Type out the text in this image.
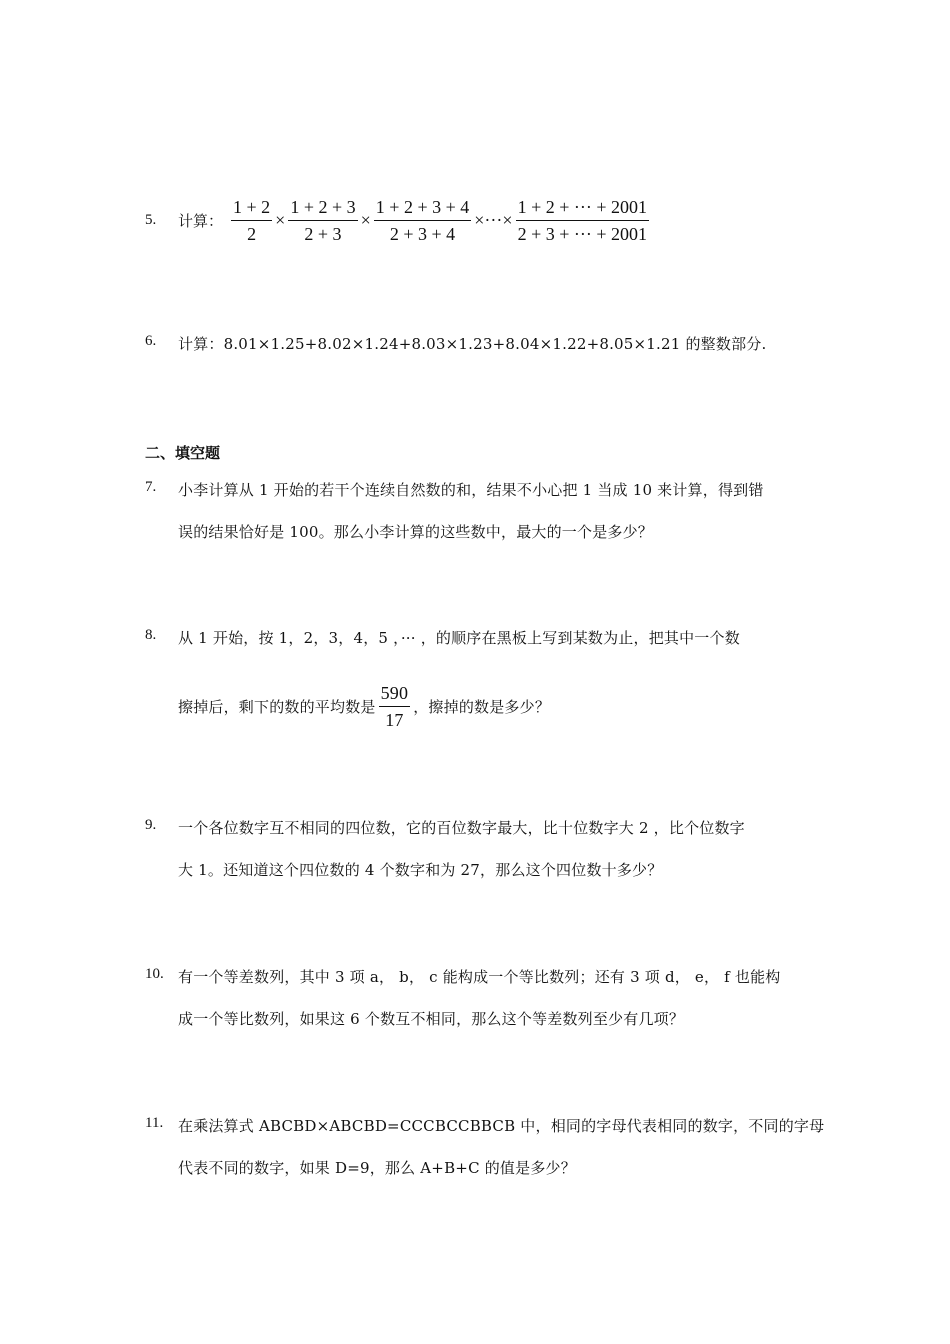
5. 计算： $\frac{1 + 2}{2} \times \frac{1 + 2 + 3}{2 + 3} \times \frac{1 + 2 + 3 + 4}{2 + 3 + 4}$ ×···× $\frac{1 + 2 + \cdot\cdot\cdot + 2001}{2 + 3 + \cdot\cdot\cdot + 2001}$
6. 计算：8.01×1.25+8.02×1.24+8.03×1.23+8.04×1.22+8.05×1.21 的整数部分.
二、填空题
7. 小李计算从 1 开始的若干个连续自然数的和，结果不小心把 1 当成 10 来计算，得到错
误的结果恰好是 100。那么小李计算的这些数中，最大的一个是多少？
8. 从 1 开始，按 1，2，3，4，5 ，··· ，的顺序在黑板上写到某数为止，把其中一个数
擦掉后，剩下的数的平均数是 $\frac{590}{17}$ ，擦掉的数是多少？
9. 一个各位数字互不相同的四位数，它的百位数字最大，比十位数字大 2 ，比个位数字
大 1。还知道这个四位数的 4 个数字和为 27，那么这个四位数十多少？
10. 有一个等差数列，其中 3 项 a， b， c 能构成一个等比数列；还有 3 项 d， e， f 也能构
成一个等比数列，如果这 6 个数互不相同，那么这个等差数列至少有几项？
11. 在乘法算式 ABCBD×ABCBD=CCCBCCBBCB 中，相同的字母代表相同的数字，不同的字母
代表不同的数字，如果 D=9，那么 A+B+C 的值是多少？
